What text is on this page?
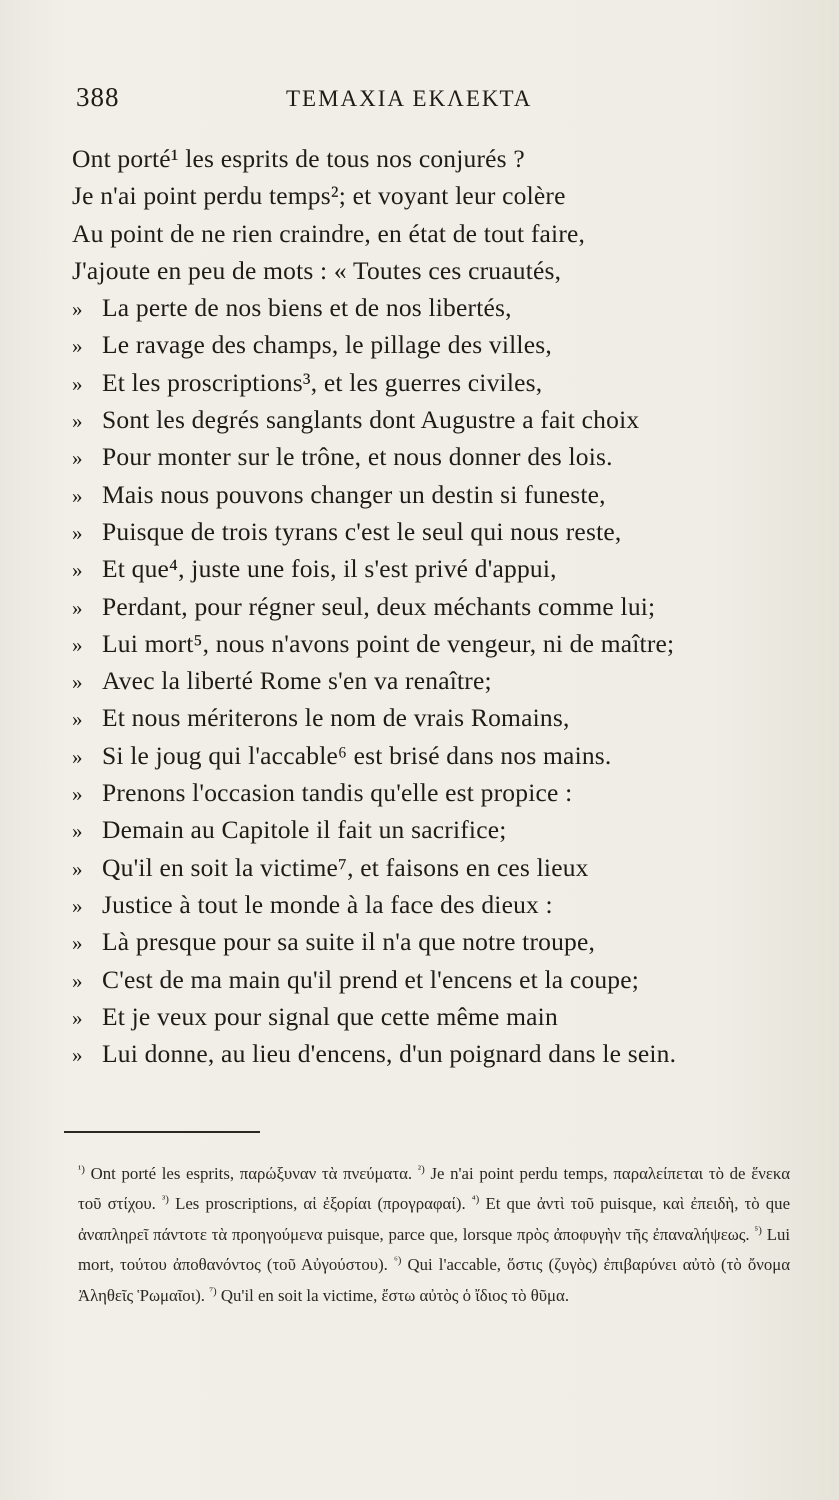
388	ΤΕΜΑΧΙΑ ΕΚΛΕΚΤΑ
Ont porté¹ les esprits de tous nos conjurés ?
Je n'ai point perdu temps²; et voyant leur colère
Au point de ne rien craindre, en état de tout faire,
J'ajoute en peu de mots : « Toutes ces cruautés,
» La perte de nos biens et de nos libertés,
» Le ravage des champs, le pillage des villes,
» Et les proscriptions³, et les guerres civiles,
» Sont les degrés sanglants dont Augustre a fait choix
» Pour monter sur le trône, et nous donner des lois.
» Mais nous pouvons changer un destin si funeste,
» Puisque de trois tyrans c'est le seul qui nous reste,
» Et que⁴, juste une fois, il s'est privé d'appui,
» Perdant, pour régner seul, deux méchants comme lui;
» Lui mort⁵, nous n'avons point de vengeur, ni de maître;
» Avec la liberté Rome s'en va renaître;
» Et nous mériterons le nom de vrais Romains,
» Si le joug qui l'accable⁶ est brisé dans nos mains.
» Prenons l'occasion tandis qu'elle est propice :
» Demain au Capitole il fait un sacrifice;
» Qu'il en soit la victime⁷, et faisons en ces lieux
» Justice à tout le monde à la face des dieux :
» Là presque pour sa suite il n'a que notre troupe,
» C'est de ma main qu'il prend et l'encens et la coupe;
» Et je veux pour signal que cette même main
» Lui donne, au lieu d'encens, d'un poignard dans le sein.
$^{^1)}$ Ont porté les esprits, παρώξυναν τὰ πνεύματα. $^{^2)}$ Je n'ai point perdu temps, παραλείπεται τὸ de ἕνεκα τοῦ στίχου. $^{^3)}$ Les proscriptions, αἱ ἐξορίαι (προγραφαί). $^{^4)}$ Et que ἀντὶ τοῦ puisque, καὶ ἐπειδὴ, τὸ que ἀναπληρεῖ πάντοτε τὰ προηγούμενα puisque, parce que, lorsque πρὸς ἀποφυγὴν τῆς ἐπαναλήψεως. $^{^5)}$ Lui mort, τούτου ἀποθανόντος (τοῦ Αὐγούστου). $^{^6)}$ Qui l'accable, ὅστις (ζυγὸς) ἐπιβαρύνει αὐτὸ (τὸ ὄνομα Ἀληθεῖς Ῥωμαῖοι). $^{^7)}$ Qu'il en soit la victime, ἔστω αὐτὸς ὁ ἴδιος τὸ θῦμα.
